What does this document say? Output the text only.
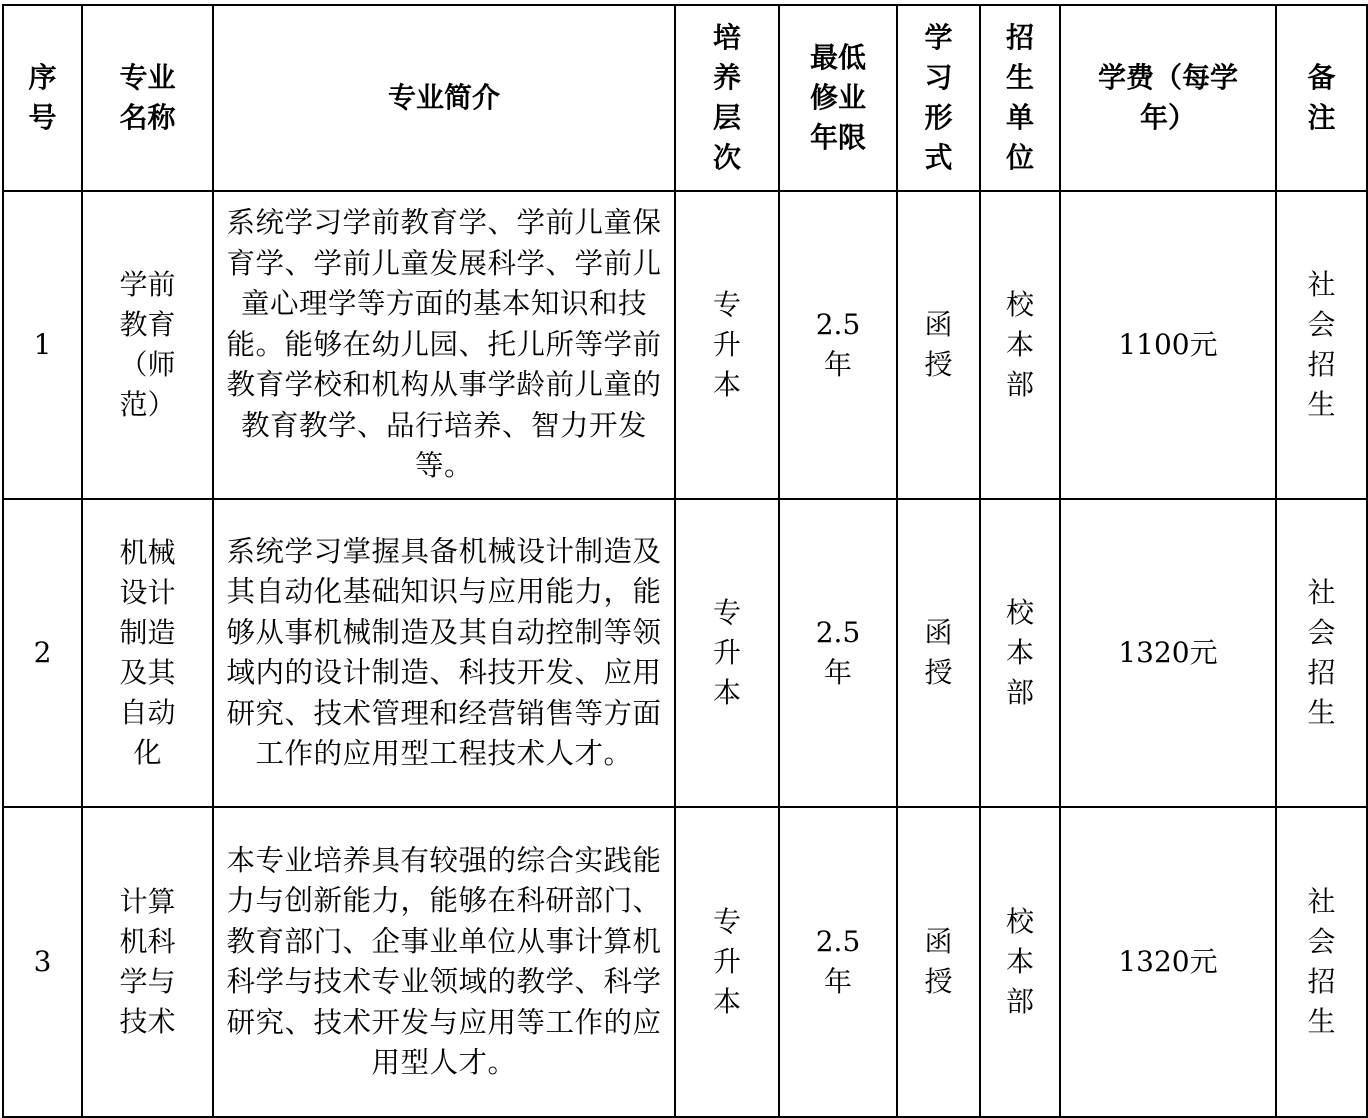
序号	专业名称	专业简介	培养层次	最低修业年限	学习形式	招生单位	学费（每学年）	备注
1	学前教育（师范）	系统学习学前教育学、学前儿童保育学、学前儿童发展科学、学前儿童心理学等方面的基本知识和技能。能够在幼儿园、托儿所等学前教育学校和机构从事学龄前儿童的教育教学、品行培养、智力开发等。	专升本	2.5年	函授	校本部	1100元	社会招生
2	机械设计制造及其自动化	系统学习掌握具备机械设计制造及其自动化基础知识与应用能力，能够从事机械制造及其自动控制等领域内的设计制造、科技开发、应用研究、技术管理和经营销售等方面工作的应用型工程技术人才。	专升本	2.5年	函授	校本部	1320元	社会招生
3	计算机科学与技术	本专业培养具有较强的综合实践能力与创新能力，能够在科研部门、教育部门、企事业单位从事计算机科学与技术专业领域的教学、科学研究、技术开发与应用等工作的应用型人才。	专升本	2.5年	函授	校本部	1320元	社会招生
